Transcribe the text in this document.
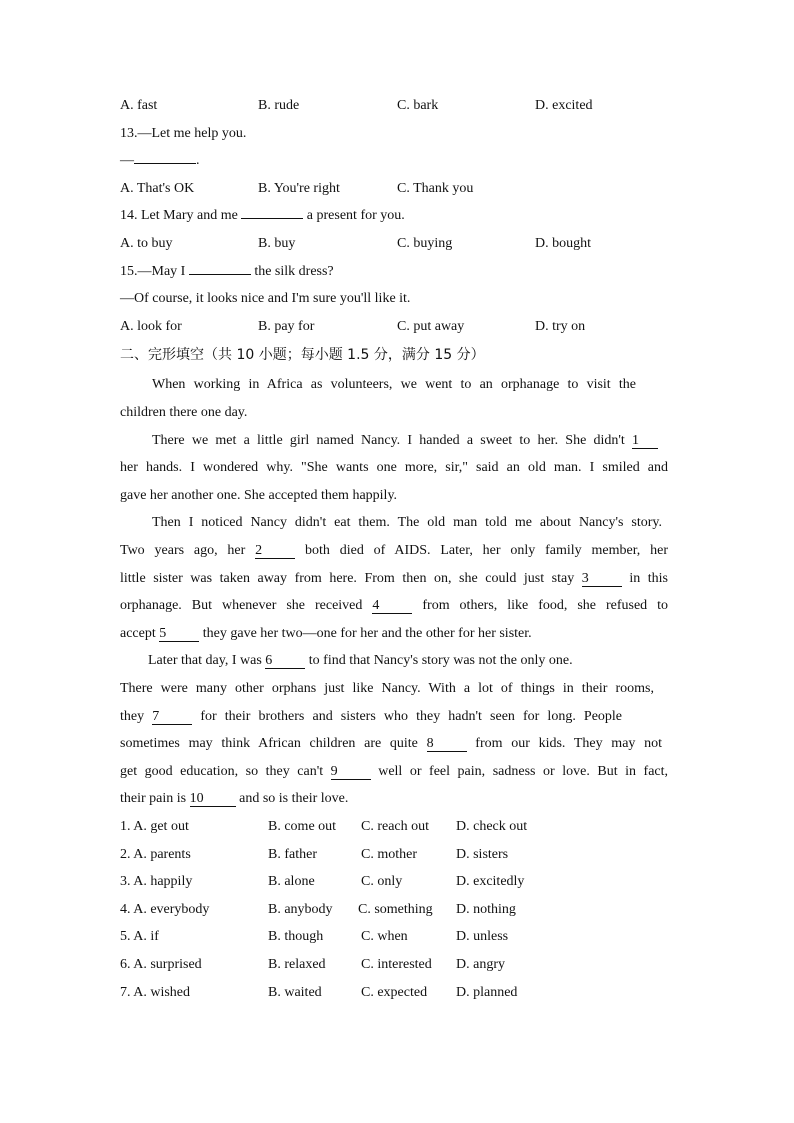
A. fast	B. rude	C. bark	D. excited
13.—Let me help you.
—	.
A. That's OK	B. You're right	C. Thank you
14. Let Mary and me	a present for you.
A. to buy	B. buy	C. buying	D. bought
15.—May I	the silk dress?
—Of course, it looks nice and I'm sure you'll like it.
A. look for	B. pay for	C. put away	D. try on
二、完形填空（共 10 小题；每小题 1.5 分，满分 15 分）
When working in Africa as volunteers, we went to an orphanage to visit the
children there one day.
There we met a little girl named Nancy. I handed a sweet to her. She didn't 1
her hands. I wondered why. "She wants one more, sir," said an old man. I smiled and
gave her another one. She accepted them happily.
Then I noticed Nancy didn't eat them. The old man told me about Nancy's story.
Two years ago, her 2	both died of AIDS. Later, her only family member, her
little sister was taken away from here. From then on, she could just stay 3	in this
orphanage. But whenever she received 4	from others, like food, she refused to
accept 5	they gave her two—one for her and the other for her sister.
Later that day, I was 6	to find that Nancy's story was not the only one.
There were many other orphans just like Nancy. With a lot of things in their rooms,
they 7	for their brothers and sisters who they hadn't seen for long. People
sometimes may think African children are quite 8	from our kids. They may not
get good education, so they can't 9	well or feel pain, sadness or love. But in fact,
their pain is 10	and so is their love.
1. A. get out	B. come out C. reach out D. check out
2. A. parents	B. father	C. mother	D. sisters
3. A. happily	B. alone	C. only	D. excitedly
4. A. everybody	B. anybody C. something D. nothing
5. A. if	B. though	C. when	D. unless
6. A. surprised	B. relaxed	C. interested D. angry
7. A. wished	B. waited	C. expected D. planned
